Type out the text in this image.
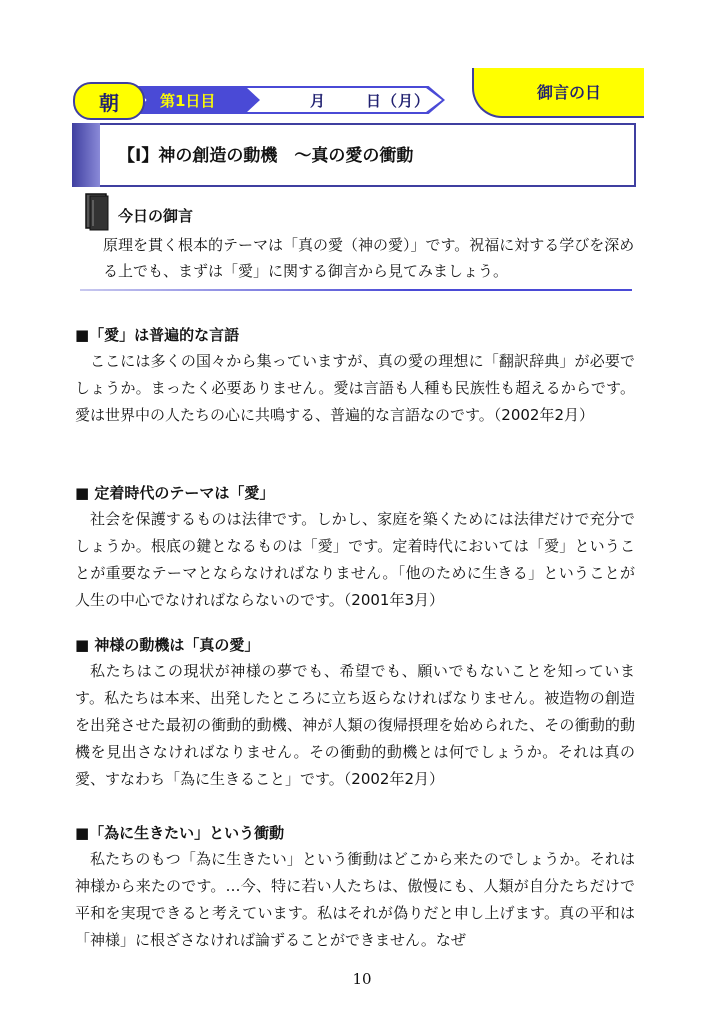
御言の日
月	日（月）
第1日目
朝
【Ⅰ】神の創造の動機　～真の愛の衝動
今日の御言
原理を貫く根本的テーマは「真の愛（神の愛）」です。祝福に対する学びを深める上でも、まずは「愛」に関する御言から見てみましょう。
■「愛」は普遍的な言語

ここには多くの国々から集っていますが、真の愛の理想に「翻訳辞典」が必要でしょうか。まったく必要ありません。愛は言語も人種も民族性も超えるからです。愛は世界中の人たちの心に共鳴する、普遍的な言語なのです。（2002年2月）

■ 定着時代のテーマは「愛」

社会を保護するものは法律です。しかし、家庭を築くためには法律だけで充分でしょうか。根底の鍵となるものは「愛」です。定着時代においては「愛」ということが重要なテーマとならなければなりません。「他のために生きる」ということが人生の中心でなければならないのです。（2001年3月）

■ 神様の動機は「真の愛」

私たちはこの現状が神様の夢でも、希望でも、願いでもないことを知っています。私たちは本来、出発したところに立ち返らなければなりません。被造物の創造を出発させた最初の衝動的動機、神が人類の復帰摂理を始められた、その衝動的動機を見出さなければなりません。その衝動的動機とは何でしょうか。それは真の愛、すなわち「為に生きること」です。（2002年2月）

■「為に生きたい」という衝動

私たちのもつ「為に生きたい」という衝動はどこから来たのでしょうか。それは神様から来たのです。…今、特に若い人たちは、傲慢にも、人類が自分たちだけで平和を実現できると考えています。私はそれが偽りだと申し上げます。真の平和は「神様」に根ざさなければ論ずることができません。なぜ

10
